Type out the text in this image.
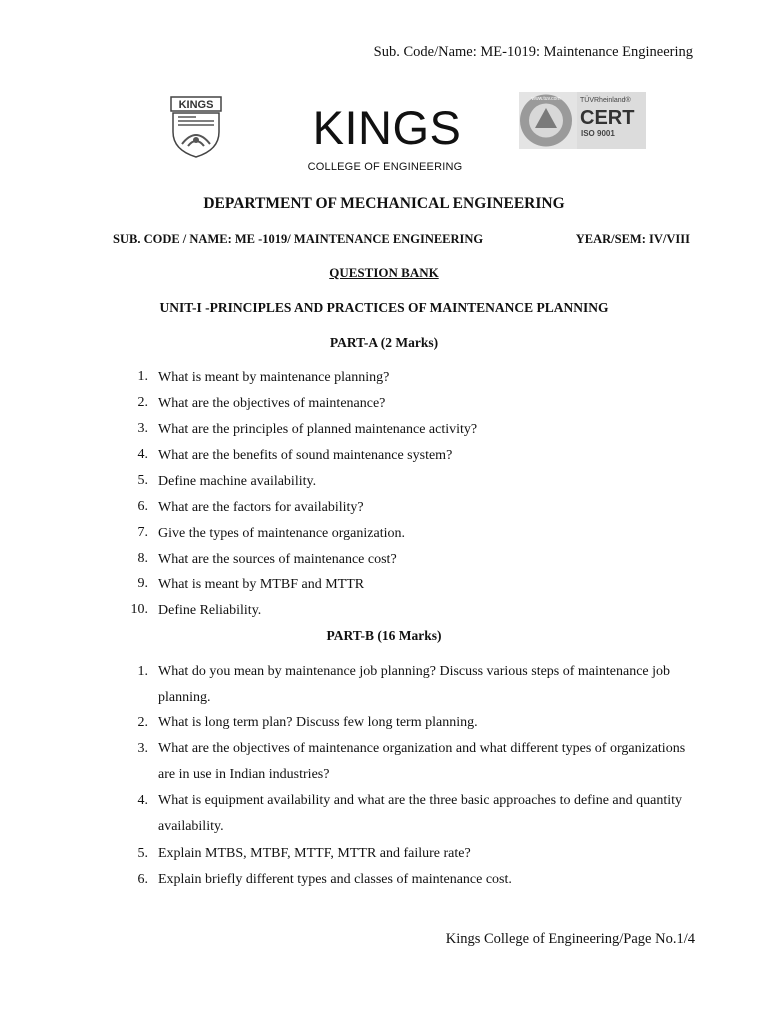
Sub. Code/Name: ME-1019: Maintenance Engineering
KINGS KINGS
COLLEGE OF ENGINEERING
www.tuv.com	TÜVRheinland®
CERT
ISO 9001
DEPARTMENT OF MECHANICAL ENGINEERING
SUB. CODE / NAME: ME -1019/ MAINTENANCE ENGINEERING	YEAR/SEM: IV/VIII
QUESTION BANK
UNIT-I -PRINCIPLES AND PRACTICES OF MAINTENANCE PLANNING
PART-A (2 Marks)
1. What is meant by maintenance planning?
2. What are the objectives of maintenance?
3. What are the principles of planned maintenance activity?
4. What are the benefits of sound maintenance system?
5. Define machine availability.
6. What are the factors for availability?
7. Give the types of maintenance organization.
8. What are the sources of maintenance cost?
9. What is meant by MTBF and MTTR
10. Define Reliability.
PART-B (16 Marks)
1. What do you mean by maintenance job planning? Discuss various steps of maintenance job planning.
2. What is long term plan? Discuss few long term planning.
3. What are the objectives of maintenance organization and what different types of organizations are in use in Indian industries?
4. What is equipment availability and what are the three basic approaches to define and quantity availability.
5. Explain MTBS, MTBF, MTTF, MTTR and failure rate?
6. Explain briefly different types and classes of maintenance cost.
Kings College of Engineering/Page No.1/4
